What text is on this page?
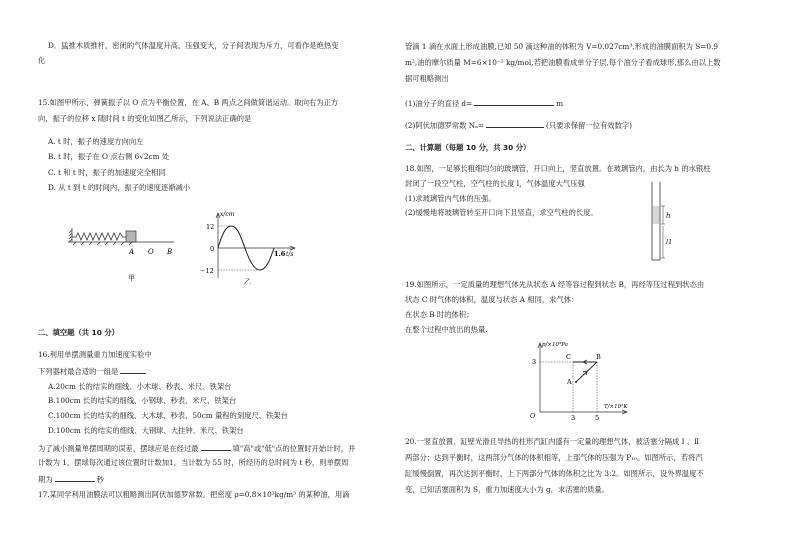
D．猛推木质推杆，密闭的气体温度升高，压强变大，分子间表现为斥力，可看作是绝热变
化
15.如图甲所示，弹簧振子以 O 点为平衡位置，在 A、B 两点之间做简谐运动。取向右为正方
向，振子的位移 x 随时间 t 的变化如图乙所示，下列说法正确的是
A. t 时，振子的速度方向向左
B. t 时，振子在 O 点右侧 6√2cm 处
C. t 和 t 时，振子的加速度完全相同
D. 从 t 到 t 的时间内，振子的速度逐渐减小
A O B
甲
x/cm
12
0
−12
1.6 t/s
乙
二、填空题（共 10 分）
16.利用单摆测量重力加速度实验中
下列器材最合适的一组是
A.20cm 长的结实的细线、小木球、秒表、米尺、铁架台
B.100cm 长的结实的细线、小钢球、秒表、米尺、铁架台
C.100cm 长的结实的细线、大木球、秒表、50cm 量程的刻度尺、铁架台
D.100cm 长的结实的细线、大钢球、大挂钟、米尺、铁架台
为了减小测量单摆周期的误差，摆球应是在经过最	填"高"或"低"点的位置时开始计时，并
计数为 1，摆球每次通过该位置时计数加1，当计数为 55 时，所经历的总时间为 t 秒，则单摆周
期为	秒
17.某同学利用油膜法可以粗略测出阿伏加德罗常数。把密度 ρ=0.8×10³kg/m³ 的某种油，用滴
管滴 1 滴在水面上形成油膜,已知 50 滴这种油的体积为 V=0.027cm³,形成的油膜面积为 S=0.9
m²,油的摩尔质量 M=6×10⁻² kg/mol,若把油膜看成单分子层,每个油分子看成球形,那么由以上数
据可粗略测出
(1)油分子的直径 d=	m
(2)阿伏加德罗常数 Nₐ=	(只要求保留一位有效数字)
二、计算题（每题 10 分，共 30 分）
18.如图，一足够长粗细均匀的玻璃管，开口向上，竖直放置。在玻璃管内，由长为 h 的水银柱
封闭了一段空气柱，空气柱的长度 l，气体温度大气压强
(1)求玻璃管内气体的压强。
(2)缓慢地将玻璃管转至开口向下且竖直，求空气柱的长度。	h
l1
19.如图所示，一定质量的理想气体先从状态 A 经等容过程到状态 B，再经等压过程到状态由
状态 C 时气体的体积，温度与状态 A 相同，求气体：
在状态 B 时的体积；
在整个过程中放出的热量.
p/×10⁵Pa
3
O	3	5
T/×10²K
A
B
C
20.一竖直放置、缸壁光滑且导热的柱形汽缸内盛有一定量的理想气体，被活塞分隔成 Ⅰ 、Ⅱ
两部分；达到平衡时，这两部分气体的体积相等，上部气体的压强为 P₁₀。如图所示，若将汽
缸缓慢倒置，再次达到平衡时，上下两部分气体的体积之比为 3:2。如图所示，设外界温度不
变，已知活塞面积为 S，重力加速度大小为 g，求活塞的质量。
